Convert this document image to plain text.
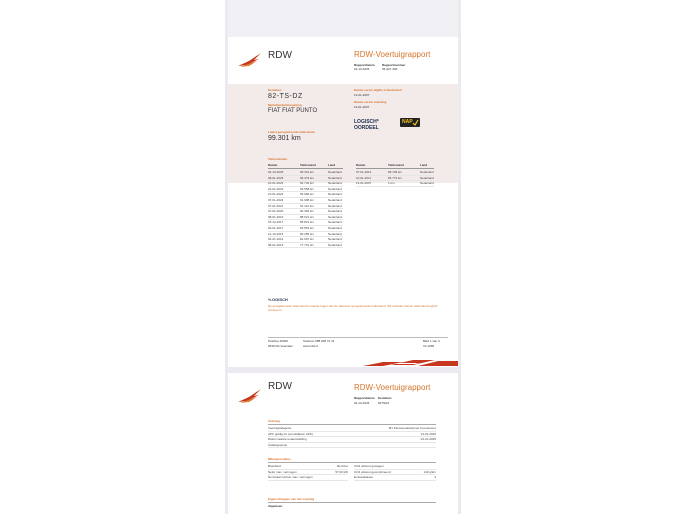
RDW	RDW-Voertuigrapport
Rapportdatum
04-10-2025
Rapportnummer
05-927-393
Kenteken
82-TS-DZ
Merk/Handelsbenaming
FIAT FIAT PUNTO
Laatst geregistreerde tellerstand
99.301 km
Datum eerste afgifte in Nederland
13-01-2007
Datum eerste toelating
13-01-2007
LOGISCH*
OORDEEL
NAP
Tellerstanden
Datum	Tellerstand	Land
04-10-2025	99.301 km	Nederland
08-01-2025	96.479 km	Nederland
10-01-2024	94.732 km	Nederland
24-01-2023	93.558 km	Nederland
10-01-2023	93.096 km	Nederland
07-01-2022	91.998 km	Nederland
07-01-2021	91.110 km	Nederland
07-01-2020	90.366 km	Nederland
08-01-2019	88.621 km	Nederland
15-12-2017	85.819 km	Nederland
03-01-2017	83.853 km	Nederland
12-10-2015	80.285 km	Nederland
04-01-2014	81.097 km	Nederland
08-01-2013	77.791 km	Nederland
Datum	Tellerstand	Land
07-01-2013	68.728 km	Nederland
10-01-2011	65.773 km	Nederland
13-01-2007	1 km	Nederland
*LOGISCH
De geregistreerde tellerstand is steeds hoger dan de daarvoor geregistreerde tellerstand. Wij oordelen dat de tellerstand logisch verloopt is.
Postbus 30000
9640 RA Veendam
Telefoon 088 008 74 41
www.rdw.nl
Blad 1 van 3
V2.1656
RDW	RDW-Voertuigrapport
Rapportdatum
04-10-2025
Kenteken
82TSDZ
Voertuig
Voertuigcategorie	M1 Personenauto(max 9 personen)
APK geldig tot (vervaldatum APK)	13-01-2026
Datum laatste tenaamstelling	04-10-2025
Catalogusprijs
Milieuprestaties
Brandstof	Benzine
Netto max. vermogen	57,00 kW
Nominaal continu max. vermogen
CO2 uitstoot gewogen
CO2 uitstoot gecombineerd	140 g/km
Emissieklasse	4
Eigenschappen van het voertuig
Algemeen
